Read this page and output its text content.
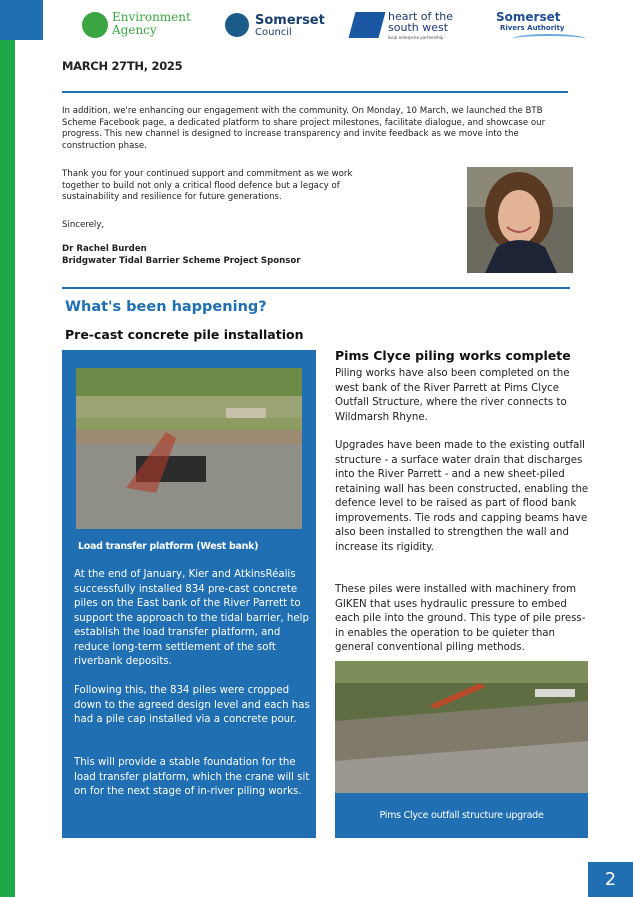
Environment
Agency
Somerset
Council
heart of the
south west
local enterprise partnership
Somerset
Rivers Authority
MARCH 27TH, 2025

In addition, we're enhancing our engagement with the community. On Monday, 10 March, we launched the BTB Scheme Facebook page, a dedicated platform to share project milestones, facilitate dialogue, and showcase our progress. This new channel is designed to increase transparency and invite feedback as we move into the construction phase.

Thank you for your continued support and commitment as we work together to build not only a critical flood defence but a legacy of sustainability and resilience for future generations.

Sincerely,

Dr Rachel Burden

Bridgwater Tidal Barrier Scheme Project Sponsor

What's been happening?
Pre-cast concrete pile installation
Load transfer platform (West bank)

At the end of January, Kier and AtkinsRéalis successfully installed 834 pre-cast concrete piles on the East bank of the River Parrett to support the approach to the tidal barrier, help establish the load transfer platform, and reduce long-term settlement of the soft riverbank deposits.

Following this, the 834 piles were cropped down to the agreed design level and each has had a pile cap installed via a concrete pour.

This will provide a stable foundation for the load transfer platform, which the crane will sit on for the next stage of in-river piling works.

Pims Clyce piling works complete

Piling works have also been completed on the west bank of the River Parrett at Pims Clyce Outfall Structure, where the river connects to Wildmarsh Rhyne.

Upgrades have been made to the existing outfall structure - a surface water drain that discharges into the River Parrett - and a new sheet-piled retaining wall has been constructed, enabling the defence level to be raised as part of flood bank improvements. Tie rods and capping beams have also been installed to strengthen the wall and increase its rigidity.

These piles were installed with machinery from GIKEN that uses hydraulic pressure to embed each pile into the ground. This type of pile press-in enables the operation to be quieter than general conventional piling methods.

Pims Clyce outfall structure upgrade
2
